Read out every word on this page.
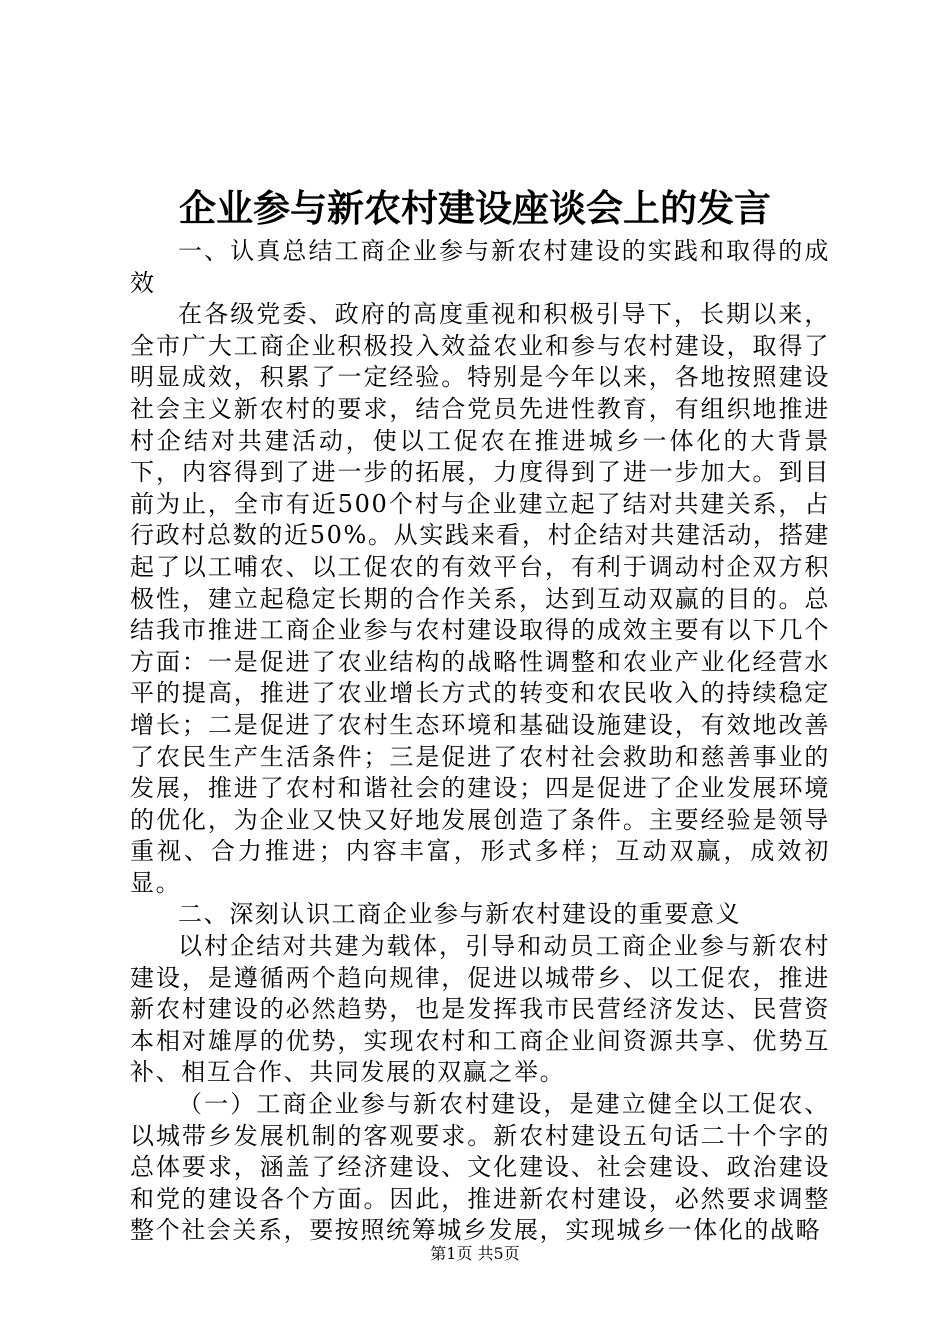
企业参与新农村建设座谈会上的发言

一、认真总结工商企业参与新农村建设的实践和取得的成效

在各级党委、政府的高度重视和积极引导下，长期以来，全市广大工商企业积极投入效益农业和参与农村建设，取得了明显成效，积累了一定经验。特别是今年以来，各地按照建设社会主义新农村的要求，结合党员先进性教育，有组织地推进村企结对共建活动，使以工促农在推进城乡一体化的大背景下，内容得到了进一步的拓展，力度得到了进一步加大。到目前为止，全市有近500个村与企业建立起了结对共建关系，占行政村总数的近50%。从实践来看，村企结对共建活动，搭建起了以工哺农、以工促农的有效平台，有利于调动村企双方积极性，建立起稳定长期的合作关系，达到互动双赢的目的。总结我市推进工商企业参与农村建设取得的成效主要有以下几个方面：一是促进了农业结构的战略性调整和农业产业化经营水平的提高，推进了农业增长方式的转变和农民收入的持续稳定增长；二是促进了农村生态环境和基础设施建设，有效地改善了农民生产生活条件；三是促进了农村社会救助和慈善事业的发展，推进了农村和谐社会的建设；四是促进了企业发展环境的优化，为企业又快又好地发展创造了条件。主要经验是领导重视、合力推进；内容丰富，形式多样；互动双赢，成效初显。

二、深刻认识工商企业参与新农村建设的重要意义

以村企结对共建为载体，引导和动员工商企业参与新农村建设，是遵循两个趋向规律，促进以城带乡、以工促农，推进新农村建设的必然趋势，也是发挥我市民营经济发达、民营资本相对雄厚的优势，实现农村和工商企业间资源共享、优势互补、相互合作、共同发展的双赢之举。

（一）工商企业参与新农村建设，是建立健全以工促农、以城带乡发展机制的客观要求。新农村建设五句话二十个字的总体要求，涵盖了经济建设、文化建设、社会建设、政治建设和党的建设各个方面。因此，推进新农村建设，必然要求调整整个社会关系，要按照统筹城乡发展，实现城乡一体化的战略

第1页 共5页
